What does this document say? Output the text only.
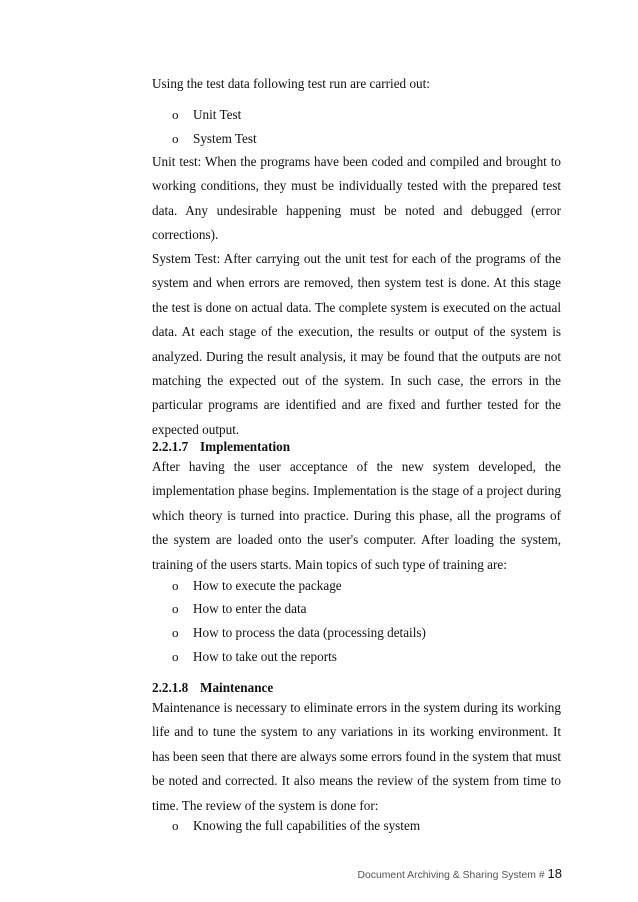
Using the test data following test run are carried out:
o Unit Test
o System Test
Unit test: When the programs have been coded and compiled and brought to working conditions, they must be individually tested with the prepared test data. Any undesirable happening must be noted and debugged (error corrections).
System Test: After carrying out the unit test for each of the programs of the system and when errors are removed, then system test is done. At this stage the test is done on actual data. The complete system is executed on the actual data. At each stage of the execution, the results or output of the system is analyzed. During the result analysis, it may be found that the outputs are not matching the expected out of the system. In such case, the errors in the particular programs are identified and are fixed and further tested for the expected output.
2.2.1.7 Implementation
After having the user acceptance of the new system developed, the implementation phase begins. Implementation is the stage of a project during which theory is turned into practice. During this phase, all the programs of the system are loaded onto the user's computer. After loading the system, training of the users starts. Main topics of such type of training are:
o How to execute the package
o How to enter the data
o How to process the data (processing details)
o How to take out the reports
2.2.1.8 Maintenance
Maintenance is necessary to eliminate errors in the system during its working life and to tune the system to any variations in its working environment. It has been seen that there are always some errors found in the system that must be noted and corrected. It also means the review of the system from time to time. The review of the system is done for:
o Knowing the full capabilities of the system
Document Archiving & Sharing System # 18
